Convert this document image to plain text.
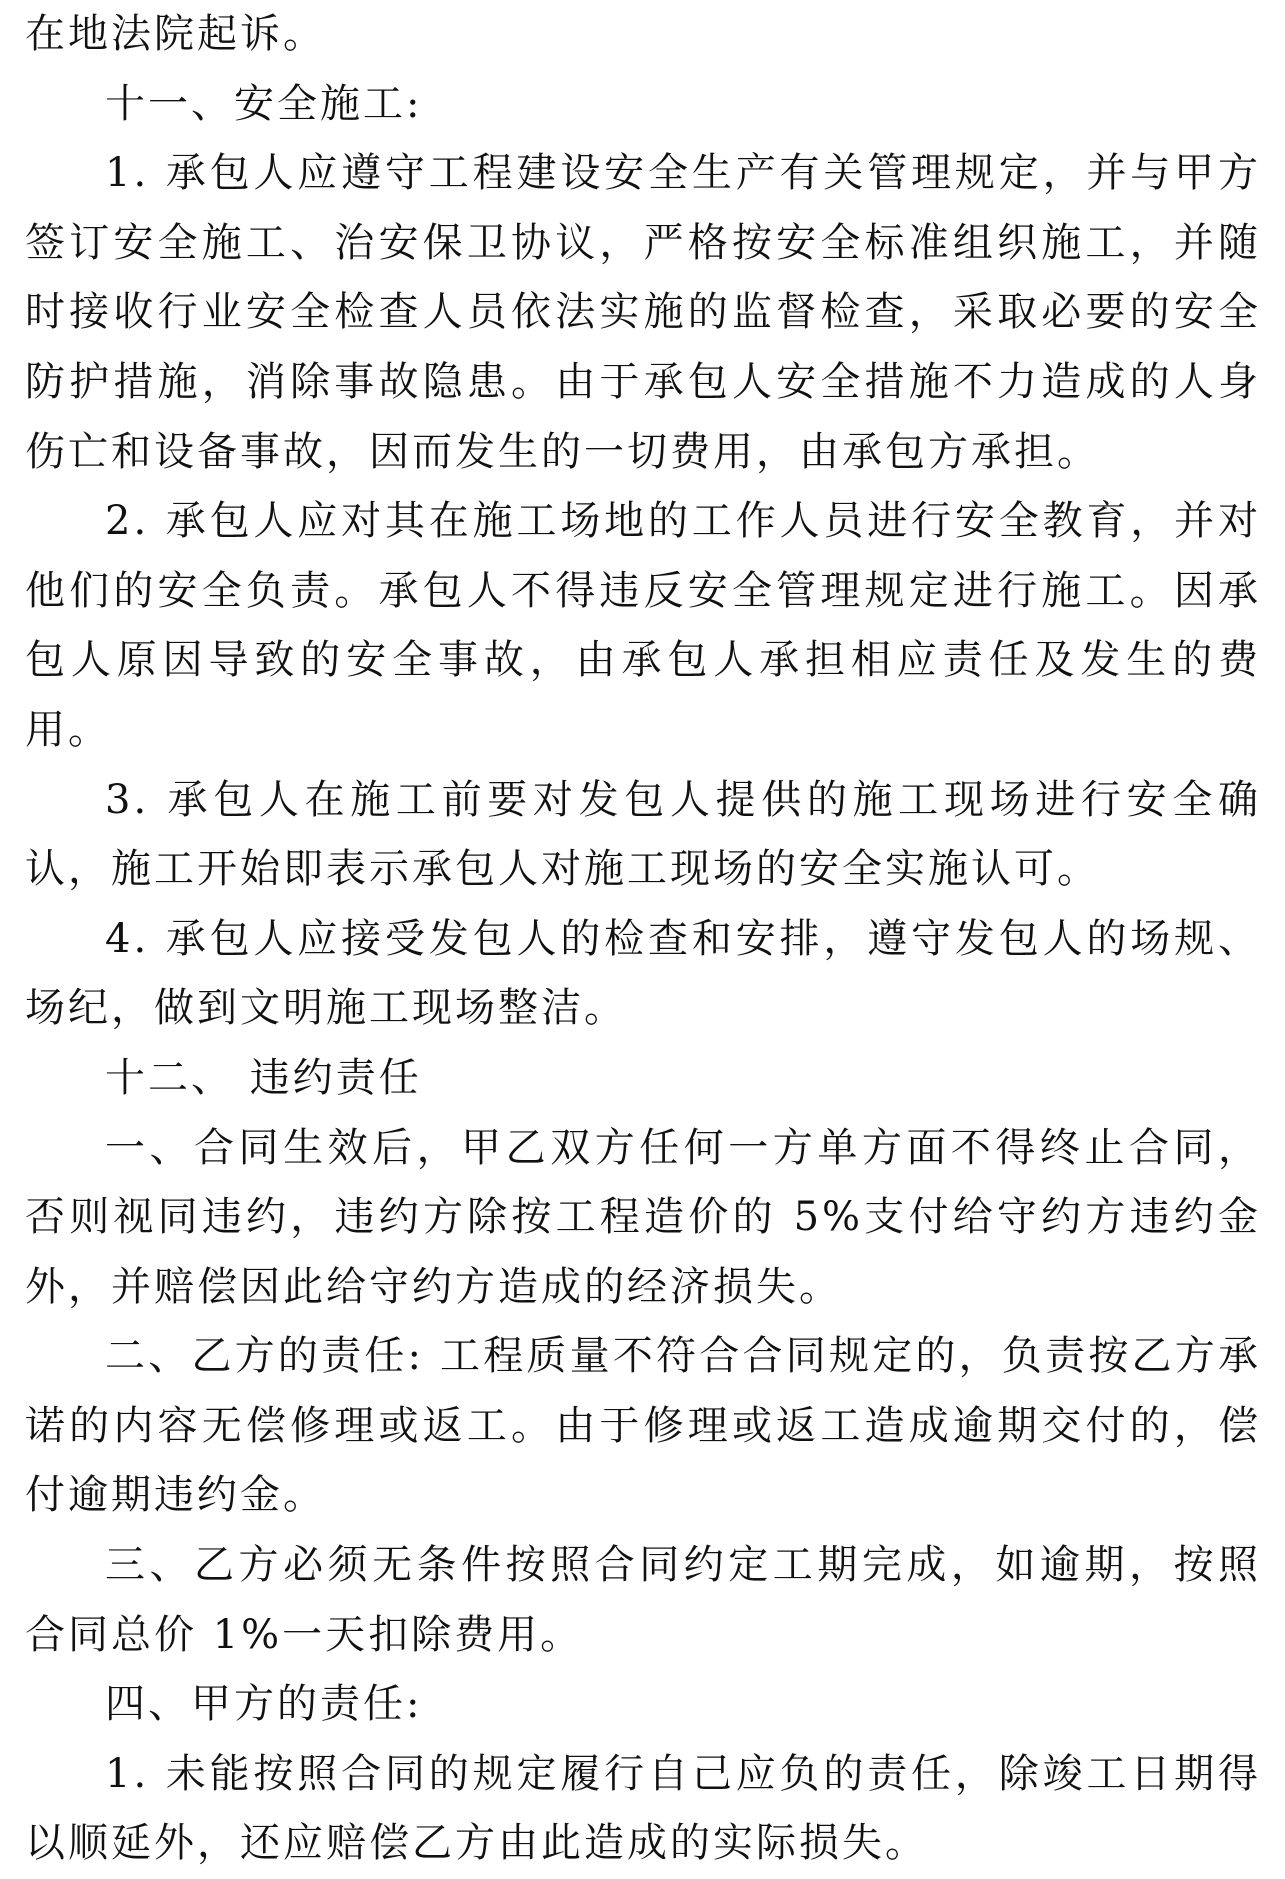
在地法院起诉。

十一、安全施工:

1. 承包人应遵守工程建设安全生产有关管理规定，并与甲方签订安全施工、治安保卫协议，严格按安全标准组织施工，并随时接收行业安全检查人员依法实施的监督检查，采取必要的安全防护措施，消除事故隐患。由于承包人安全措施不力造成的人身伤亡和设备事故，因而发生的一切费用，由承包方承担。

2. 承包人应对其在施工场地的工作人员进行安全教育，并对他们的安全负责。承包人不得违反安全管理规定进行施工。因承包人原因导致的安全事故，由承包人承担相应责任及发生的费用。

3. 承包人在施工前要对发包人提供的施工现场进行安全确认，施工开始即表示承包人对施工现场的安全实施认可。

4. 承包人应接受发包人的检查和安排，遵守发包人的场规、场纪，做到文明施工现场整洁。

十二、 违约责任

一、合同生效后，甲乙双方任何一方单方面不得终止合同，否则视同违约，违约方除按工程造价的 5%支付给守约方违约金外，并赔偿因此给守约方造成的经济损失。

二、乙方的责任: 工程质量不符合合同规定的，负责按乙方承诺的内容无偿修理或返工。由于修理或返工造成逾期交付的，偿付逾期违约金。

三、乙方必须无条件按照合同约定工期完成，如逾期，按照合同总价 1%一天扣除费用。

四、甲方的责任:

1. 未能按照合同的规定履行自己应负的责任，除竣工日期得以顺延外，还应赔偿乙方由此造成的实际损失。
